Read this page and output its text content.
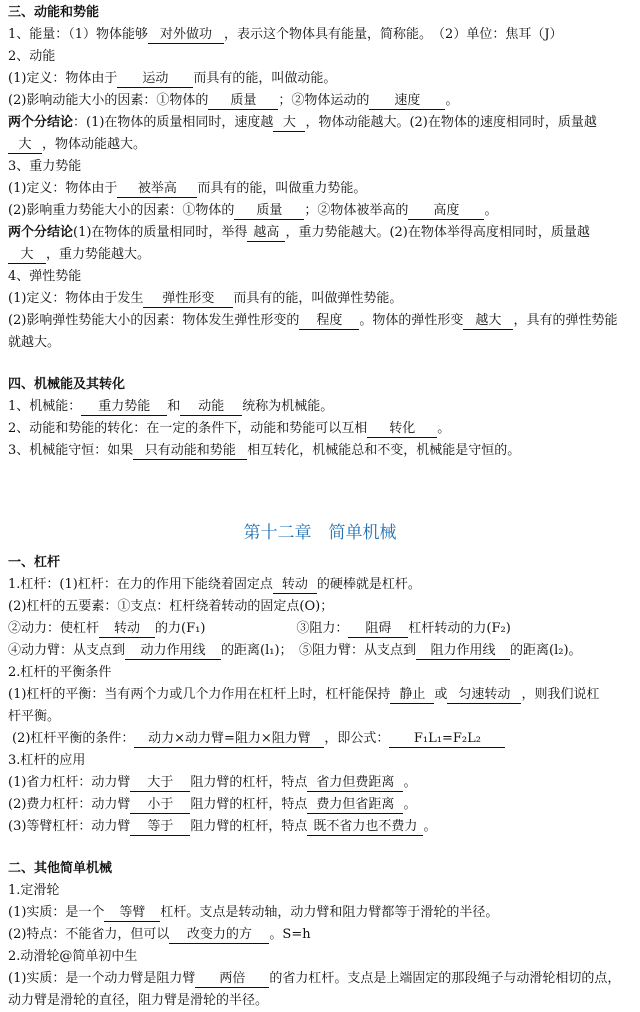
三、动能和势能
1、能量：（1）物体能够 对外做功 ，表示这个物体具有能量，简称能。　（2）单位：焦耳（J）
2、动能
(1)定义：物体由于 运动 而具有的能，叫做动能。
(2)影响动能大小的因素：①物体的 质量 ；②物体运动的 速度 。
两个分结论：(1)在物体的质量相同时，速度越 大 ，物体动能越大。(2)在物体的速度相同时，质量越
大 ，物体动能越大。
3、重力势能
(1)定义：物体由于 被举高 而具有的能，叫做重力势能。
(2)影响重力势能大小的因素：①物体的 质量 ；②物体被举高的 高度 。
两个分结论(1)在物体的质量相同时，举得 越高 ，重力势能越大。(2)在物体举得高度相同时，质量越
大 ，重力势能越大。
4、弹性势能
(1)定义：物体由于发生 弹性形变 而具有的能，叫做弹性势能。
(2)影响弹性势能大小的因素：物体发生弹性形变的 程度 。物体的弹性形变 越大 ，具有的弹性势能
就越大。
四、机械能及其转化
1、机械能： 重力势能 和 动能 统称为机械能。
2、动能和势能的转化：在一定的条件下，动能和势能可以互相 转化 。
3、机械能守恒：如果 只有动能和势能 相互转化，机械能总和不变，机械能是守恒的。
第十二章　简单机械
一、杠杆
1.杠杆：(1)杠杆：在力的作用下能绕着固定点 转动 的硬棒就是杠杆。
(2)杠杆的五要素：①支点：杠杆绕着转动的固定点(O)；
②动力：使杠杆 转动 的力(F₁)　　　　　　　③阻力： 阻碍 杠杆转动的力(F₂)
④动力臂：从支点到 动力作用线 的距离(l₁)；　⑤阻力臂：从支点到 阻力作用线 的距离(l₂)。
2.杠杆的平衡条件
(1)杠杆的平衡：当有两个力或几个力作用在杠杆上时，杠杆能保持 静止 或 匀速转动 ，则我们说杠
杆平衡。
(2)杠杆平衡的条件： 动力×动力臂=阻力×阻力臂 ，即公式： F₁L₁=F₂L₂
3.杠杆的应用
(1)省力杠杆：动力臂 大于 阻力臂的杠杆，特点 省力但费距离 。
(2)费力杠杆：动力臂 小于 阻力臂的杠杆，特点 费力但省距离 。
(3)等臂杠杆：动力臂 等于 阻力臂的杠杆，特点 既不省力也不费力 。
二、其他简单机械
1.定滑轮
(1)实质：是一个 等臂 杠杆。支点是转动轴，动力臂和阻力臂都等于滑轮的半径。
(2)特点：不能省力，但可以 改变力的方 。S=h
2.动滑轮@简单初中生
(1)实质：是一个动力臂是阻力臂 两倍 的省力杠杆。支点是上端固定的那段绳子与动滑轮相切的点，
动力臂是滑轮的直径，阻力臂是滑轮的半径。
